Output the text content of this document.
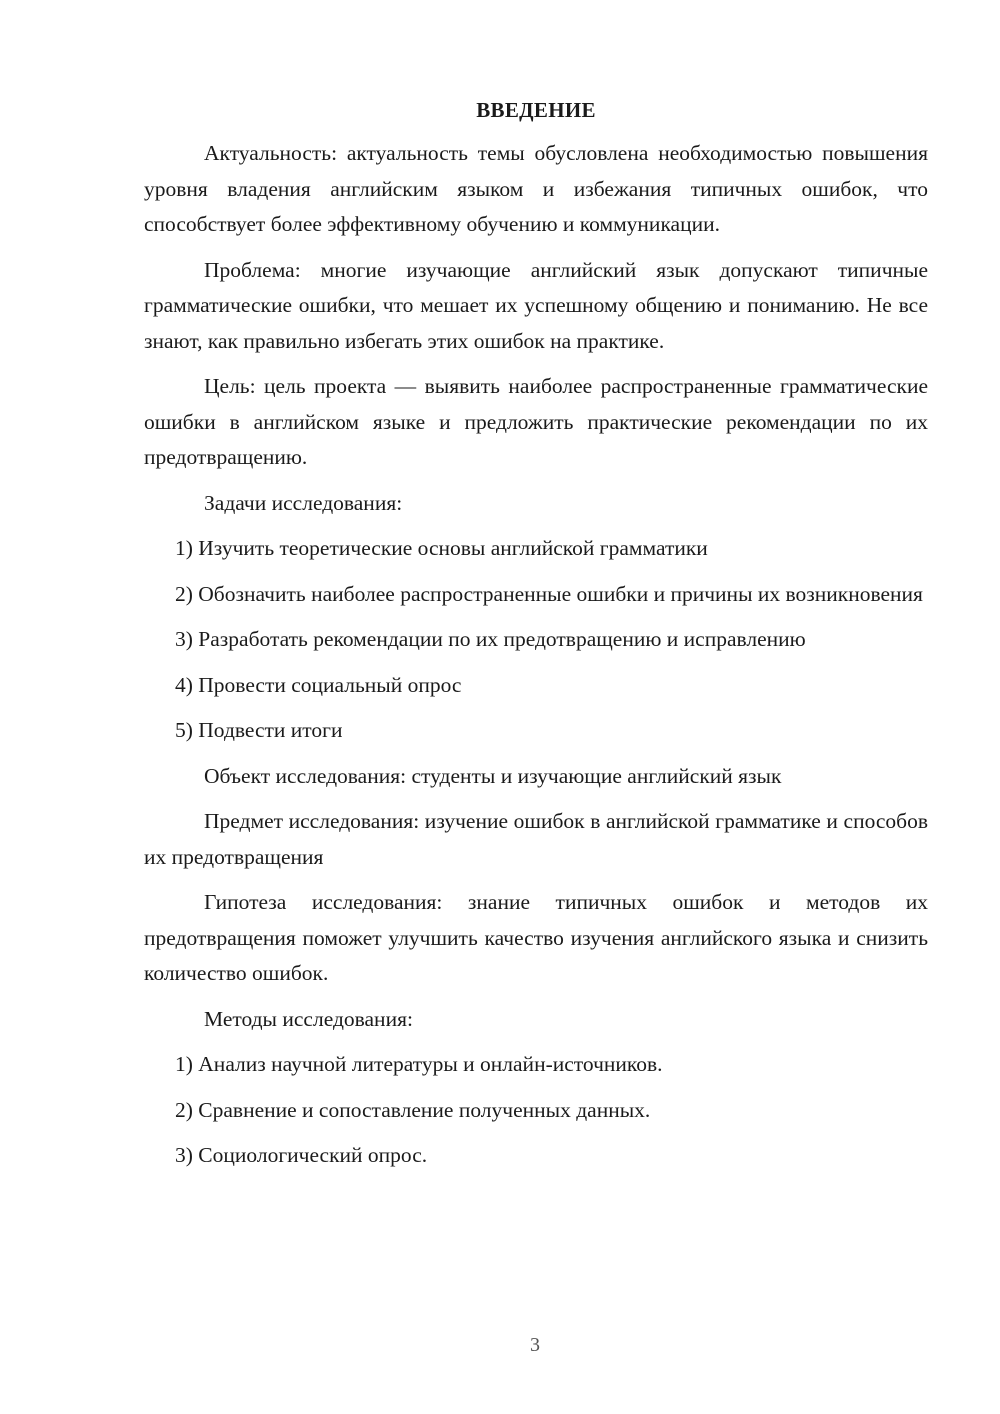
ВВЕДЕНИЕ

Актуальность: актуальность темы обусловлена необходимостью повышения уровня владения английским языком и избежания типичных ошибок, что способствует более эффективному обучению и коммуникации.

Проблема: многие изучающие английский язык допускают типичные грамматические ошибки, что мешает их успешному общению и пониманию. Не все знают, как правильно избегать этих ошибок на практике.

Цель: цель проекта — выявить наиболее распространенные грамматические ошибки в английском языке и предложить практические рекомендации по их предотвращению.

Задачи исследования:

1) Изучить теоретические основы английской грамматики

2) Обозначить наиболее распространенные ошибки и причины их возникновения

3) Разработать рекомендации по их предотвращению и исправлению

4) Провести социальный опрос

5) Подвести итоги

Объект исследования: студенты и изучающие английский язык

Предмет исследования: изучение ошибок в английской грамматике и способов их предотвращения

Гипотеза исследования: знание типичных ошибок и методов их предотвращения поможет улучшить качество изучения английского языка и снизить количество ошибок.

Методы исследования:

1) Анализ научной литературы и онлайн-источников.

2) Сравнение и сопоставление полученных данных.

3) Социологический опрос.

3
